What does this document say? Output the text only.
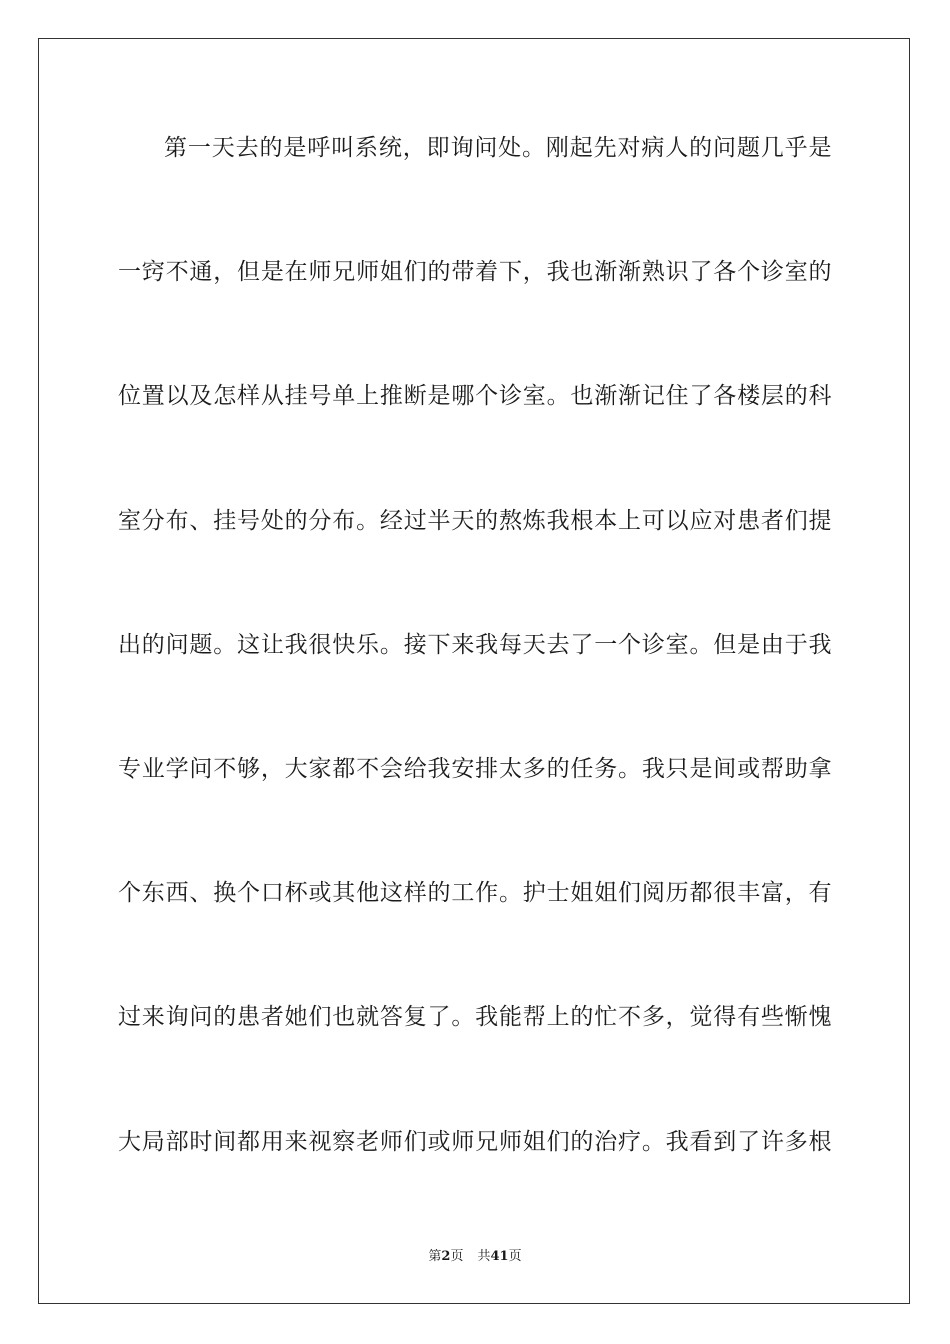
第一天去的是呼叫系统，即询问处。刚起先对病人的问题几乎是
一窍不通，但是在师兄师姐们的带着下，我也渐渐熟识了各个诊室的
位置以及怎样从挂号单上推断是哪个诊室。也渐渐记住了各楼层的科
室分布、挂号处的分布。经过半天的熬炼我根本上可以应对患者们提
出的问题。这让我很快乐。接下来我每天去了一个诊室。但是由于我
专业学问不够，大家都不会给我安排太多的任务。我只是间或帮助拿
个东西、换个口杯或其他这样的工作。护士姐姐们阅历都很丰富，有
过来询问的患者她们也就答复了。我能帮上的忙不多，觉得有些惭愧
大局部时间都用来视察老师们或师兄师姐们的治疗。我看到了许多根
第2页 共41页
